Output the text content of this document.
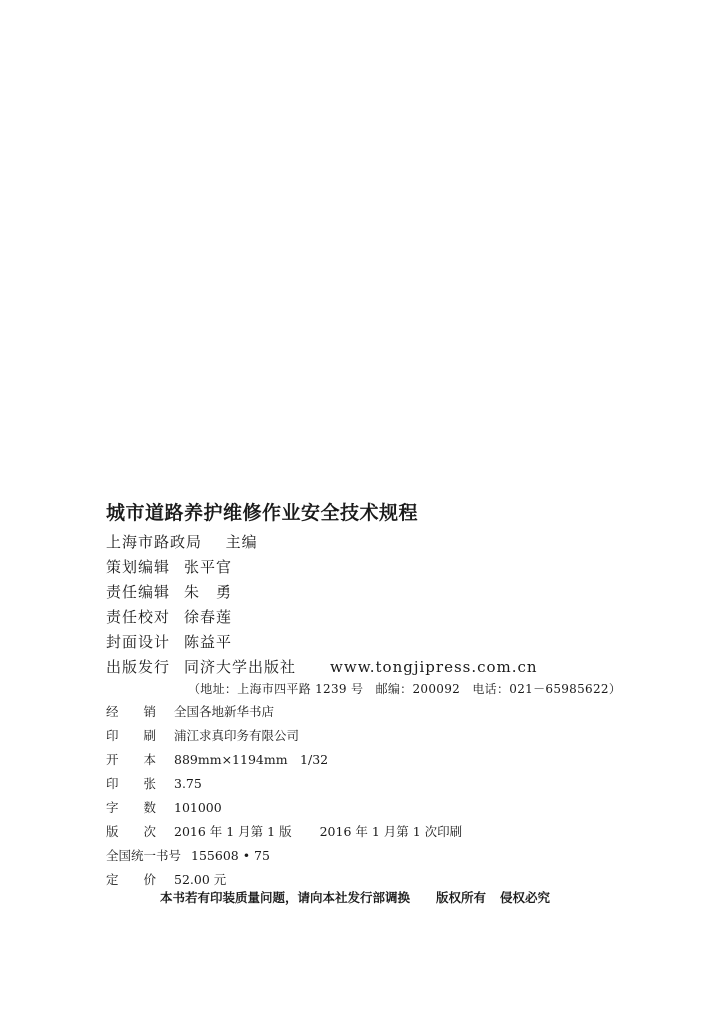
城市道路养护维修作业安全技术规程
上海市路政局 主编
策划编辑 张平官
责任编辑 朱　勇
责任校对 徐春莲
封面设计 陈益平
出版发行 同济大学出版社 www.tongjipress.com.cn
（地址：上海市四平路 1239 号　邮编：200092　电话：021－65985622）
经　　销 全国各地新华书店
印　　刷 浦江求真印务有限公司
开　　本 889mm×1194mm　1/32
印　　张 3.75
字　　数 101000
版　　次 2016 年 1 月第 1 版 2016 年 1 月第 1 次印刷
全国统一书号 155608 • 75
定　　价 52.00 元
本书若有印装质量问题，请向本社发行部调换 版权所有 侵权必究
